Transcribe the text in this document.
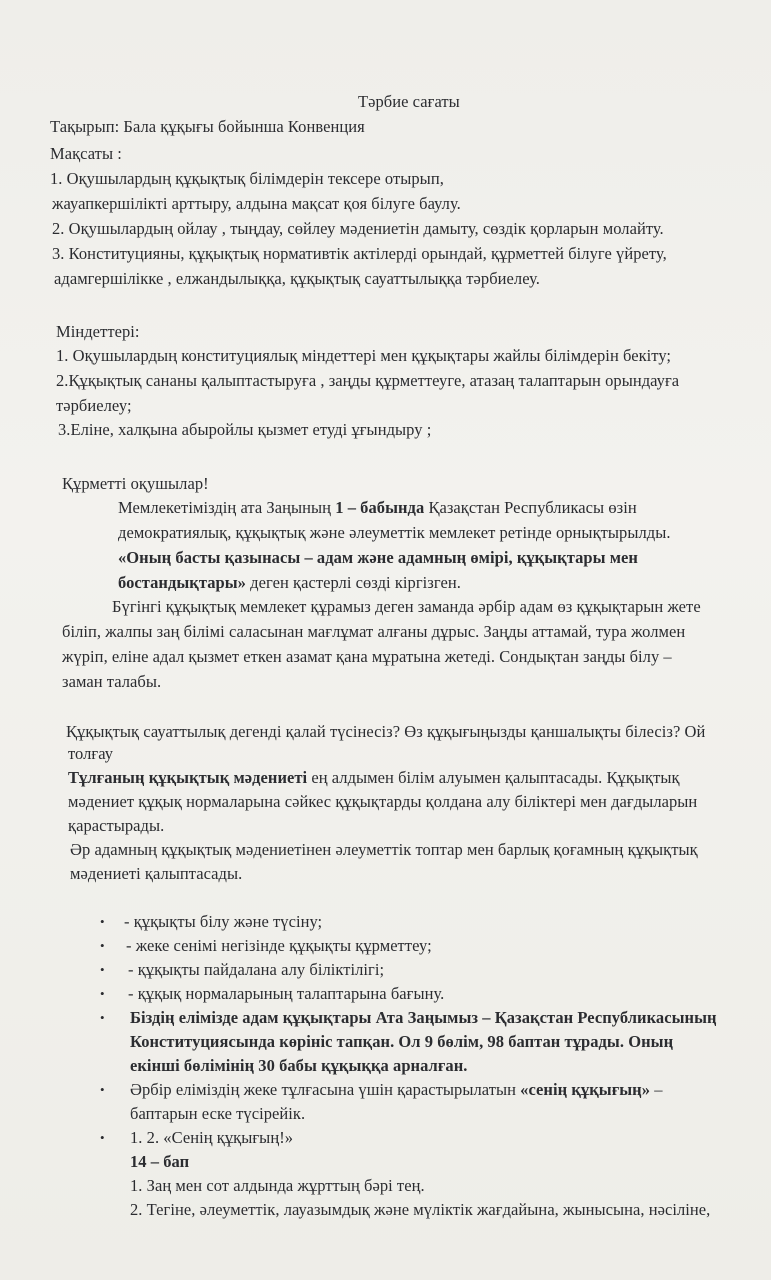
Тәрбие сағаты
Тақырып: Бала құқығы бойынша Конвенция
Мақсаты :
1. Оқушылардың құқықтық білімдерін тексере отырып,
жауапкершілікті арттыру, алдына мақсат қоя білуге баулу.
2. Оқушылардың ойлау , тыңдау, сөйлеу мәдениетін дамыту, сөздік қорларын молайту.
3. Конституцияны, құқықтық нормативтік актілерді орындай, құрметтей білуге үйрету,
адамгершілікке , елжандылыққа, құқықтық сауаттылыққа тәрбиелеу.
Міндеттері:
1. Оқушылардың конституциялық міндеттері мен құқықтары жайлы білімдерін бекіту;
2.Құқықтық сананы қалыптастыруға , заңды құрметтеуге, атазаң талаптарын орындауға
тәрбиелеу;
3.Еліне, халқына абыройлы қызмет етуді ұғындыру ;
Құрметті оқушылар!
Мемлекетіміздің ата Заңының 1 – бабында Қазақстан Республикасы өзін
демократиялық, құқықтық және әлеуметтік мемлекет ретінде орнықтырылды.
«Оның басты қазынасы – адам және адамның өмірі, құқықтары мен
бостандықтары» деген қастерлі сөзді кіргізген.
Бүгінгі құқықтық мемлекет құрамыз деген заманда әрбір адам өз құқықтарын жете
біліп, жалпы заң білімі саласынан мағлұмат алғаны дұрыс. Заңды аттамай, тура жолмен
жүріп, еліне адал қызмет еткен азамат қана мұратына жетеді. Сондықтан заңды білу –
заман талабы.
Құқықтық сауаттылық дегенді қалай түсінесіз? Өз құқығыңызды қаншалықты білесіз? Ой
толғау
Тұлғаның құқықтық мәдениеті ең алдымен білім алуымен қалыптасады. Құқықтық
мәдениет құқық нормаларына сәйкес құқықтарды қолдана алу біліктері мен дағдыларын
қарастырады.
Әр адамның құқықтық мәдениетінен әлеуметтік топтар мен барлық қоғамның құқықтық
мәдениеті қалыптасады.
• - құқықты білу және түсіну;
• - жеке сенімі негізінде құқықты құрметтеу;
• - құқықты пайдалана алу біліктілігі;
• - құқық нормаларының талаптарына бағыну.
• Біздің елімізде адам құқықтары Ата Заңымыз – Қазақстан Республикасының
Конституциясында көрініс тапқан. Ол 9 бөлім, 98 баптан тұрады. Оның
екінші бөлімінің 30 бабы құқыққа арналған.
• Әрбір еліміздің жеке тұлғасына үшін қарастырылатын «сенің құқығың» –
баптарын еске түсірейік.
• 1. 2. «Сенің құқығың!»
14 – бап
1. Заң мен сот алдында жұрттың бәрі тең.
2. Тегіне, әлеуметтік, лауазымдық және мүліктік жағдайына, жынысына, нәсіліне,
